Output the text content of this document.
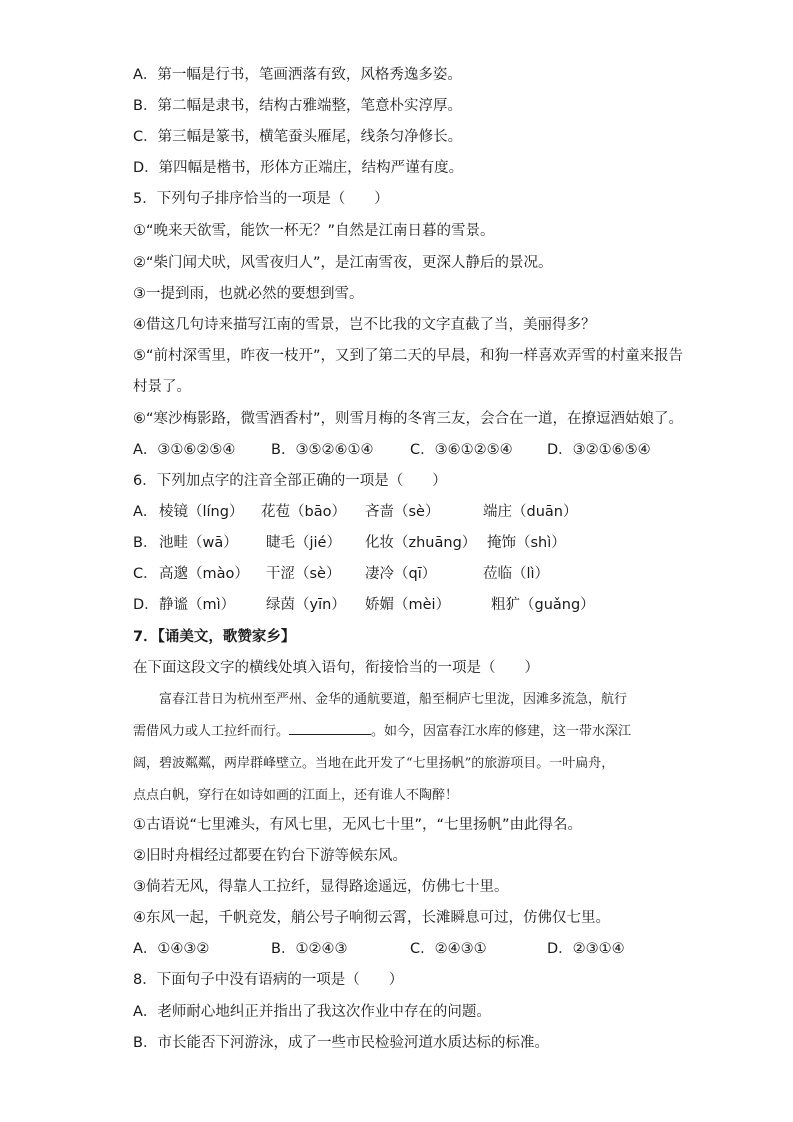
A．第一幅是行书，笔画洒落有致，风格秀逸多姿。
B．第二幅是隶书，结构古雅端整，笔意朴实淳厚。
C．第三幅是篆书，横笔蚕头雁尾，线条匀净修长。
D．第四幅是楷书，形体方正端庄，结构严谨有度。
5．下列句子排序恰当的一项是（　　）
①“晚来天欲雪，能饮一杯无？”自然是江南日暮的雪景。
②“柴门闻犬吠，风雪夜归人”，是江南雪夜，更深人静后的景况。
③一提到雨，也就必然的要想到雪。
④借这几句诗来描写江南的雪景，岂不比我的文字直截了当，美丽得多？
⑤“前村深雪里，昨夜一枝开”，又到了第二天的早晨，和狗一样喜欢弄雪的村童来报告
村景了。
⑥“寒沙梅影路，微雪酒香村”，则雪月梅的冬宵三友，会合在一道，在撩逗酒姑娘了。
A．③①⑥②⑤④ B．③⑤②⑥①④	C．③⑥①②⑤④ D．③②①⑥⑤④
6．下列加点字的注音全部正确的一项是（　　）
A． 棱镜（líng） 花苞（bāo） 吝啬（sè）	端庄（duān）
B． 池畦（wā） 睫毛（jié） 化妆（zhuāng） 掩饰（shì）
C． 高邈（mào） 干涩（sè） 凄冷（qī）	莅临（lì）
D． 静谧（mì） 绿茵（yīn） 娇媚（mèi）	粗犷（guǎng）
7．【诵美文，歌赞家乡】
在下面这段文字的横线处填入语句，衔接恰当的一项是（　　）
富春江昔日为杭州至严州、金华的通航要道，船至桐庐七里泷，因滩多流急，航行
需借风力或人工拉纤而行。	。如今，因富春江水库的修建，这一带水深江
阔，碧波粼粼，两岸群峰壁立。当地在此开发了“七里扬帆”的旅游项目。一叶扁舟，
点点白帆，穿行在如诗如画的江面上，还有谁人不陶醉！
①古语说“七里滩头，有风七里，无风七十里”，“七里扬帆”由此得名。
②旧时舟楫经过都要在钓台下游等候东风。
③倘若无风，得靠人工拉纤，显得路途遥远，仿佛七十里。
④东风一起，千帆竞发，艄公号子响彻云霄，长滩瞬息可过，仿佛仅七里。
A．①④③②	B．①②④③	C．②④③①	D．②③①④
8．下面句子中没有语病的一项是（　　）
A．老师耐心地纠正并指出了我这次作业中存在的问题。
B．市长能否下河游泳，成了一些市民检验河道水质达标的标准。
